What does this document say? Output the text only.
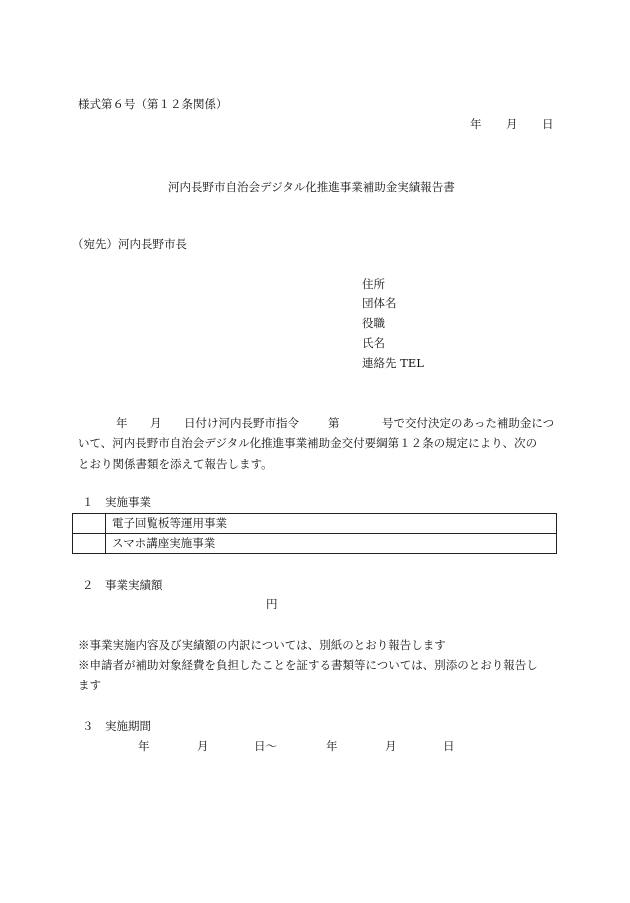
様式第６号（第１２条関係）
年 月 日
河内長野市自治会デジタル化推進事業補助金実績報告書
（宛先）河内長野市長
住所
団体名
役職
氏名
連絡先 TEL
年 月 日付け河内長野市指令	第	号で交付決定のあった補助金につ
いて、河内長野市自治会デジタル化推進事業補助金交付要綱第１２条の規定により、次の
とおり関係書類を添えて報告します。
１　実施事業
	電子回覧板等運用事業
	スマホ講座実施事業
２　事業実績額
円
※事業実施内容及び実績額の内訳については、別紙のとおり報告します
※申請者が補助対象経費を負担したことを証する書類等については、別添のとおり報告し
ます
３　実施期間
年	月	日～	年	月	日
